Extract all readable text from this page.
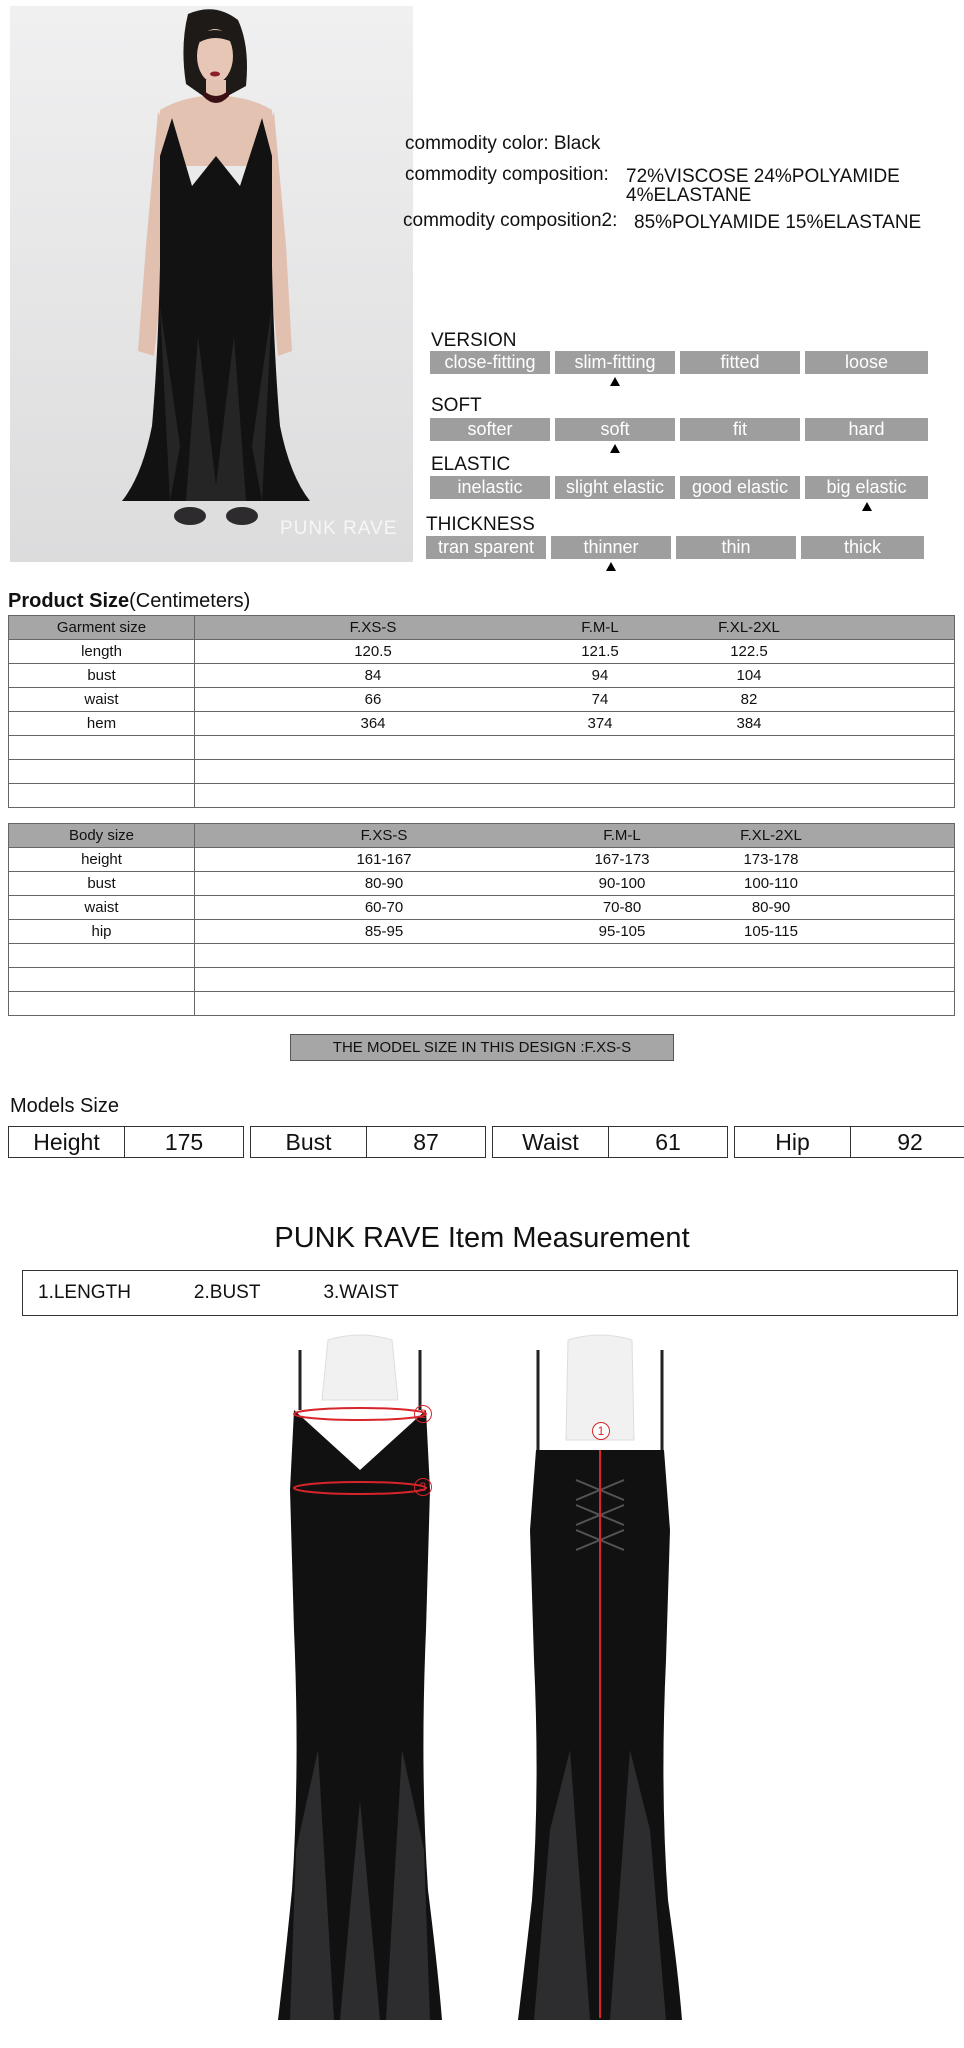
PUNK RAVE
commodity color: Black
commodity composition: 72%VISCOSE 24%POLYAMIDE
4%ELASTANE
commodity composition2: 85%POLYAMIDE 15%ELASTANE
VERSION
close-fitting	slim-fitting	fitted	loose
SOFT
softer	soft	fit	hard
ELASTIC
inelastic	slight elastic	good elastic	big elastic
THICKNESS
tran sparent	thinner	thin	thick
Product Size(Centimeters)
Garment size	F.XS-S F.M-L F.XL-2XL

length	120.5 121.5 122.5

bust	84 94 104

waist	66 74 82

hem	364 374 384

Body size	F.XS-S F.M-L F.XL-2XL

height	161-167 167-173 173-178

bust	80-90 90-100 100-110

waist	60-70 70-80 80-90

hip	85-95 95-105 105-115

THE MODEL SIZE IN THIS DESIGN :F.XS-S
Models Size
Height	175	Bust	87	Waist	61	Hip	92
PUNK RAVE Item Measurement
1.LENGTH	2.BUST	3.WAIST
2
3
1
